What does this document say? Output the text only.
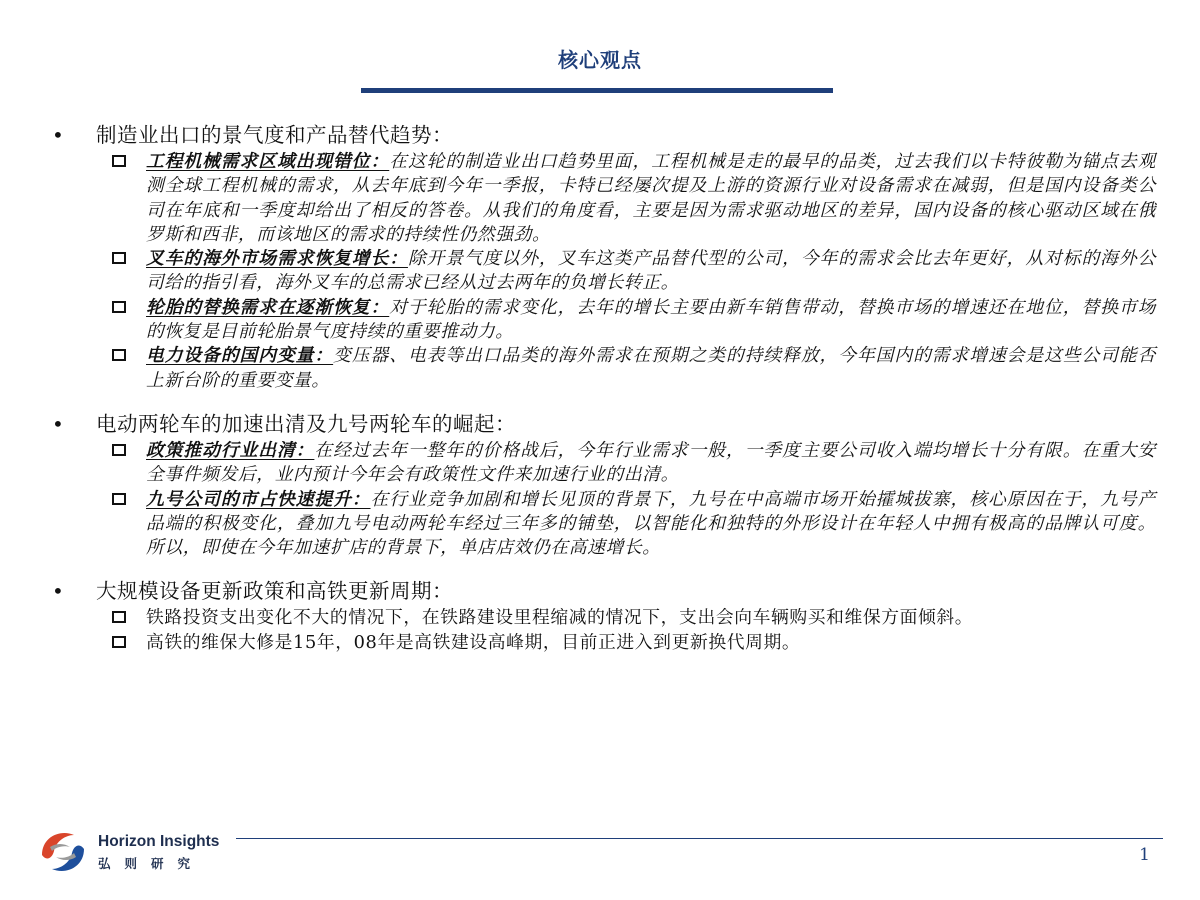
核心观点
•	制造业出口的景气度和产品替代趋势：
工程机械需求区域出现错位：在这轮的制造业出口趋势里面，工程机械是走的最早的品类，过去我们以卡特彼勒为锚点去观测全球工程机械的需求，从去年底到今年一季报，卡特已经屡次提及上游的资源行业对设备需求在减弱，但是国内设备类公司在年底和一季度却给出了相反的答卷。从我们的角度看，主要是因为需求驱动地区的差异，国内设备的核心驱动区域在俄罗斯和西非，而该地区的需求的持续性仍然强劲。
叉车的海外市场需求恢复增长：除开景气度以外，叉车这类产品替代型的公司，今年的需求会比去年更好，从对标的海外公司给的指引看，海外叉车的总需求已经从过去两年的负增长转正。
轮胎的替换需求在逐渐恢复：对于轮胎的需求变化，去年的增长主要由新车销售带动，替换市场的增速还在地位，替换市场的恢复是目前轮胎景气度持续的重要推动力。
电力设备的国内变量：变压器、电表等出口品类的海外需求在预期之类的持续释放，今年国内的需求增速会是这些公司能否上新台阶的重要变量。
•	电动两轮车的加速出清及九号两轮车的崛起：
政策推动行业出清：在经过去年一整年的价格战后，今年行业需求一般，一季度主要公司收入端均增长十分有限。在重大安全事件频发后，业内预计今年会有政策性文件来加速行业的出清。
九号公司的市占快速提升：在行业竞争加剧和增长见顶的背景下，九号在中高端市场开始攉城拔寨，核心原因在于，九号产品端的积极变化，叠加九号电动两轮车经过三年多的铺垫，以智能化和独特的外形设计在年轻人中拥有极高的品牌认可度。所以，即使在今年加速扩店的背景下，单店店效仍在高速增长。
•	大规模设备更新政策和高铁更新周期：
铁路投资支出变化不大的情况下，在铁路建设里程缩减的情况下，支出会向车辆购买和维保方面倾斜。
高铁的维保大修是15年，08年是高铁建设高峰期，目前正进入到更新换代周期。
Horizon Insights
弘则研究	1
